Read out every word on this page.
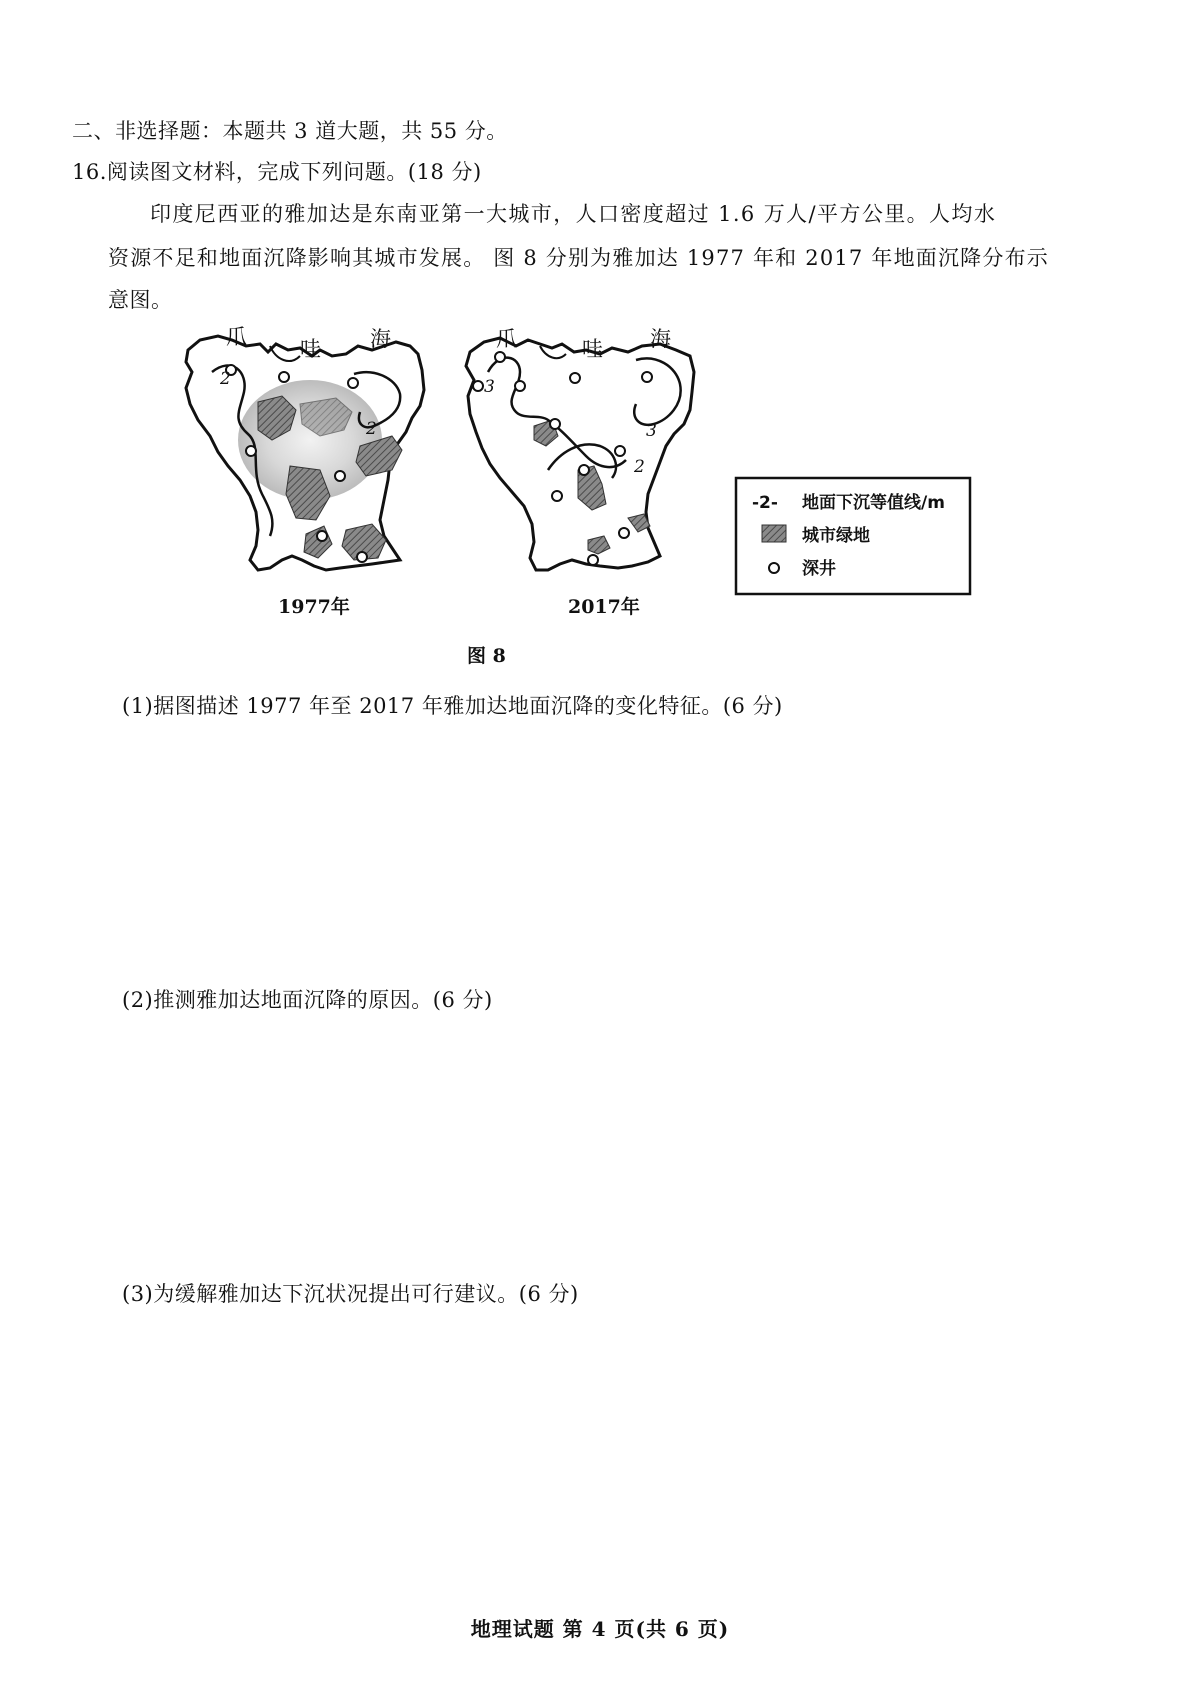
二、非选择题：本题共 3 道大题，共 55 分。
16.阅读图文材料，完成下列问题。(18 分)
印度尼西亚的雅加达是东南亚第一大城市，人口密度超过 1.6 万人/平方公里。人均水
资源不足和地面沉降影响其城市发展。 图 8 分别为雅加达 1977 年和 2017 年地面沉降分布示
意图。
2
2
爪	哇 海
1977年
3
3
2
爪	哇 海
2017年
-2- 地面下沉等值线/m
城市绿地
深井
图 8
(1)据图描述 1977 年至 2017 年雅加达地面沉降的变化特征。(6 分)
(2)推测雅加达地面沉降的原因。(6 分)
(3)为缓解雅加达下沉状况提出可行建议。(6 分)
地理试题 第 4 页(共 6 页)
